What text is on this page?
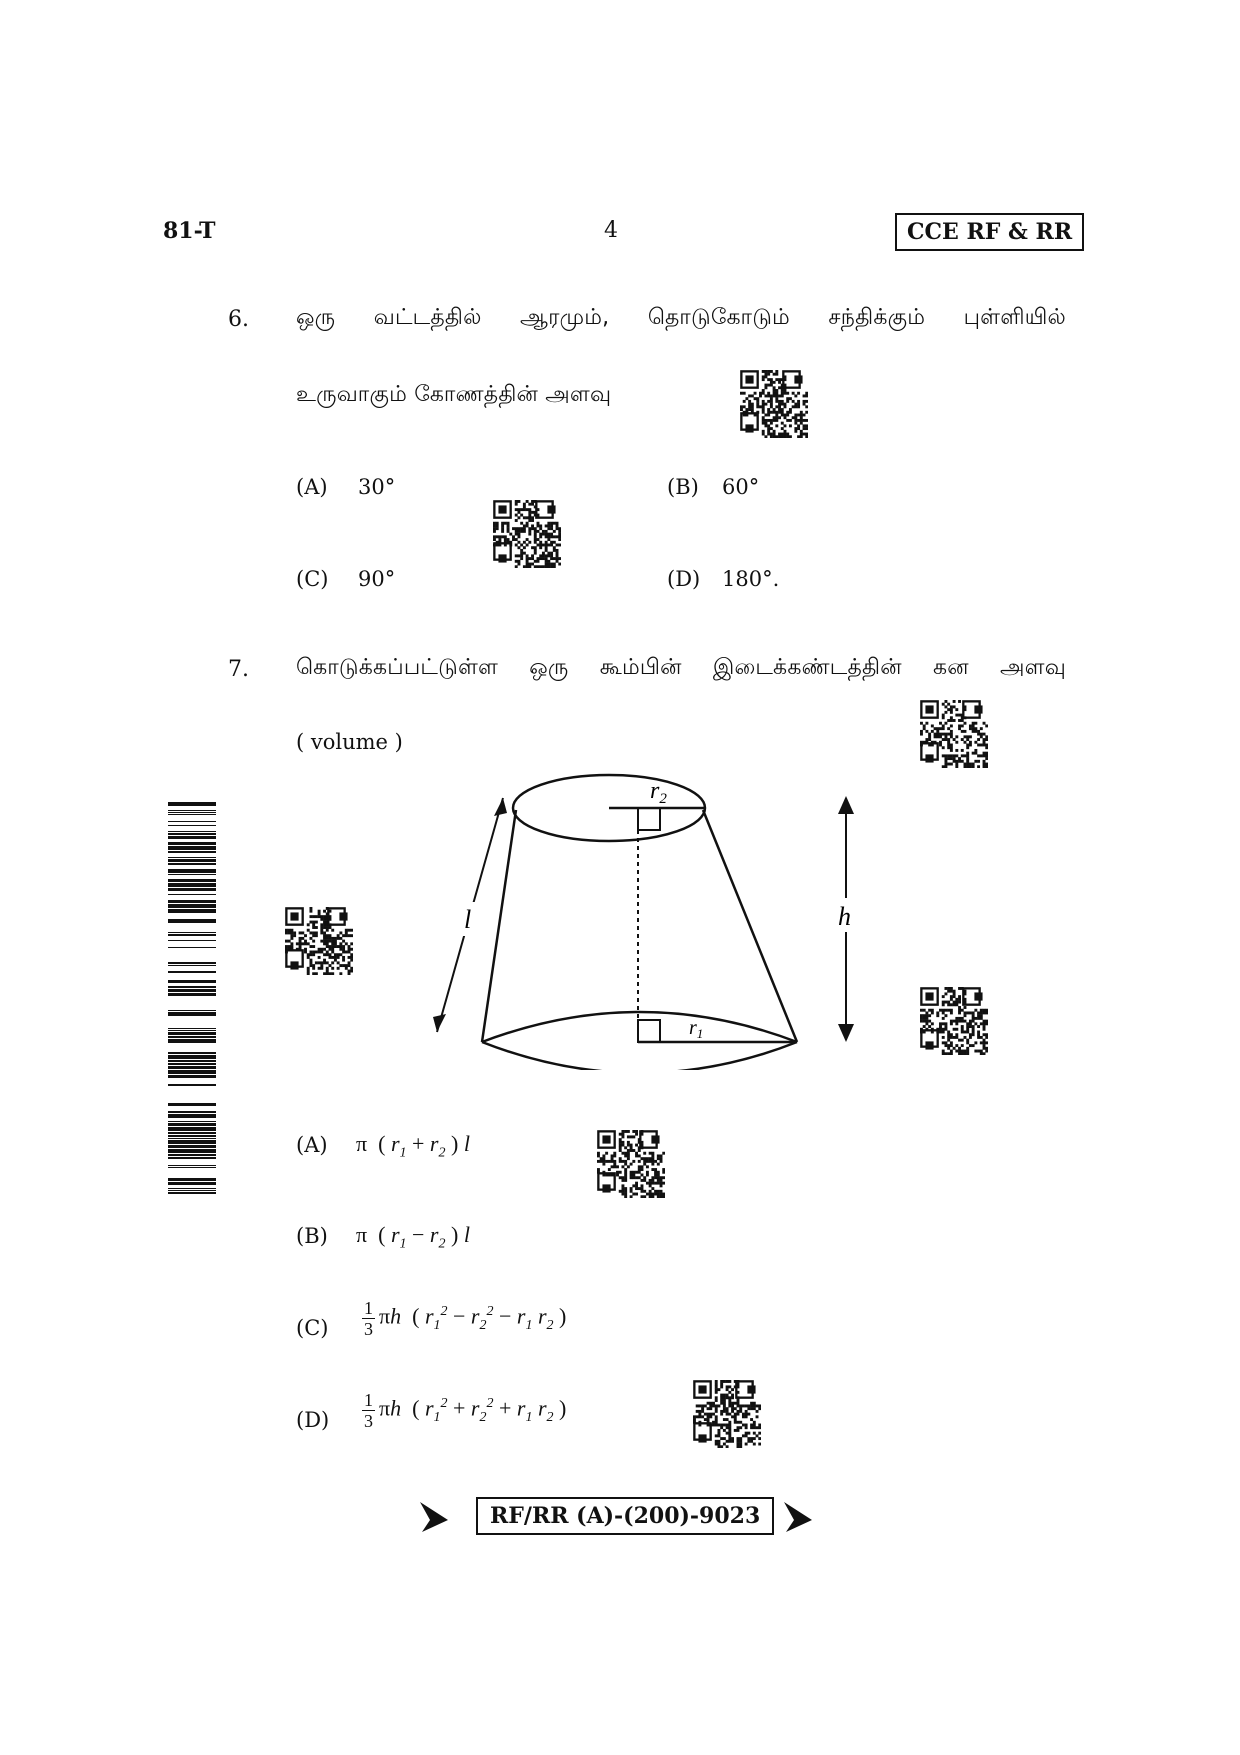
81-T	4	CCE RF & RR
6. ஒரு வட்டத்தில் ஆரமும், தொடுகோடும் சந்திக்கும் புள்ளியில்
உருவாகும் கோணத்தின் அளவு
(A) 30°	(B) 60°
(C) 90°	(D) 180°.
7. கொடுக்கப்பட்டுள்ள ஒரு கூம்பின் இடைக்கண்டத்தின் கன அளவு
( volume )
$r_2$
$r_1$
l	h
(A) π ( $r_1 + r_2$ ) l
(B) π ( $r_1 - r_2$ ) l
$(C) \frac{1}{3}$ πh ( $r_1^2 - r_2^2 - r_1$ $r_2$ )
$(D) \frac{1}{3}$ πh ( $r_1^2 + r_2^2 + r_1$ $r_2$ )
RF/RR (A)-(200)-9023
